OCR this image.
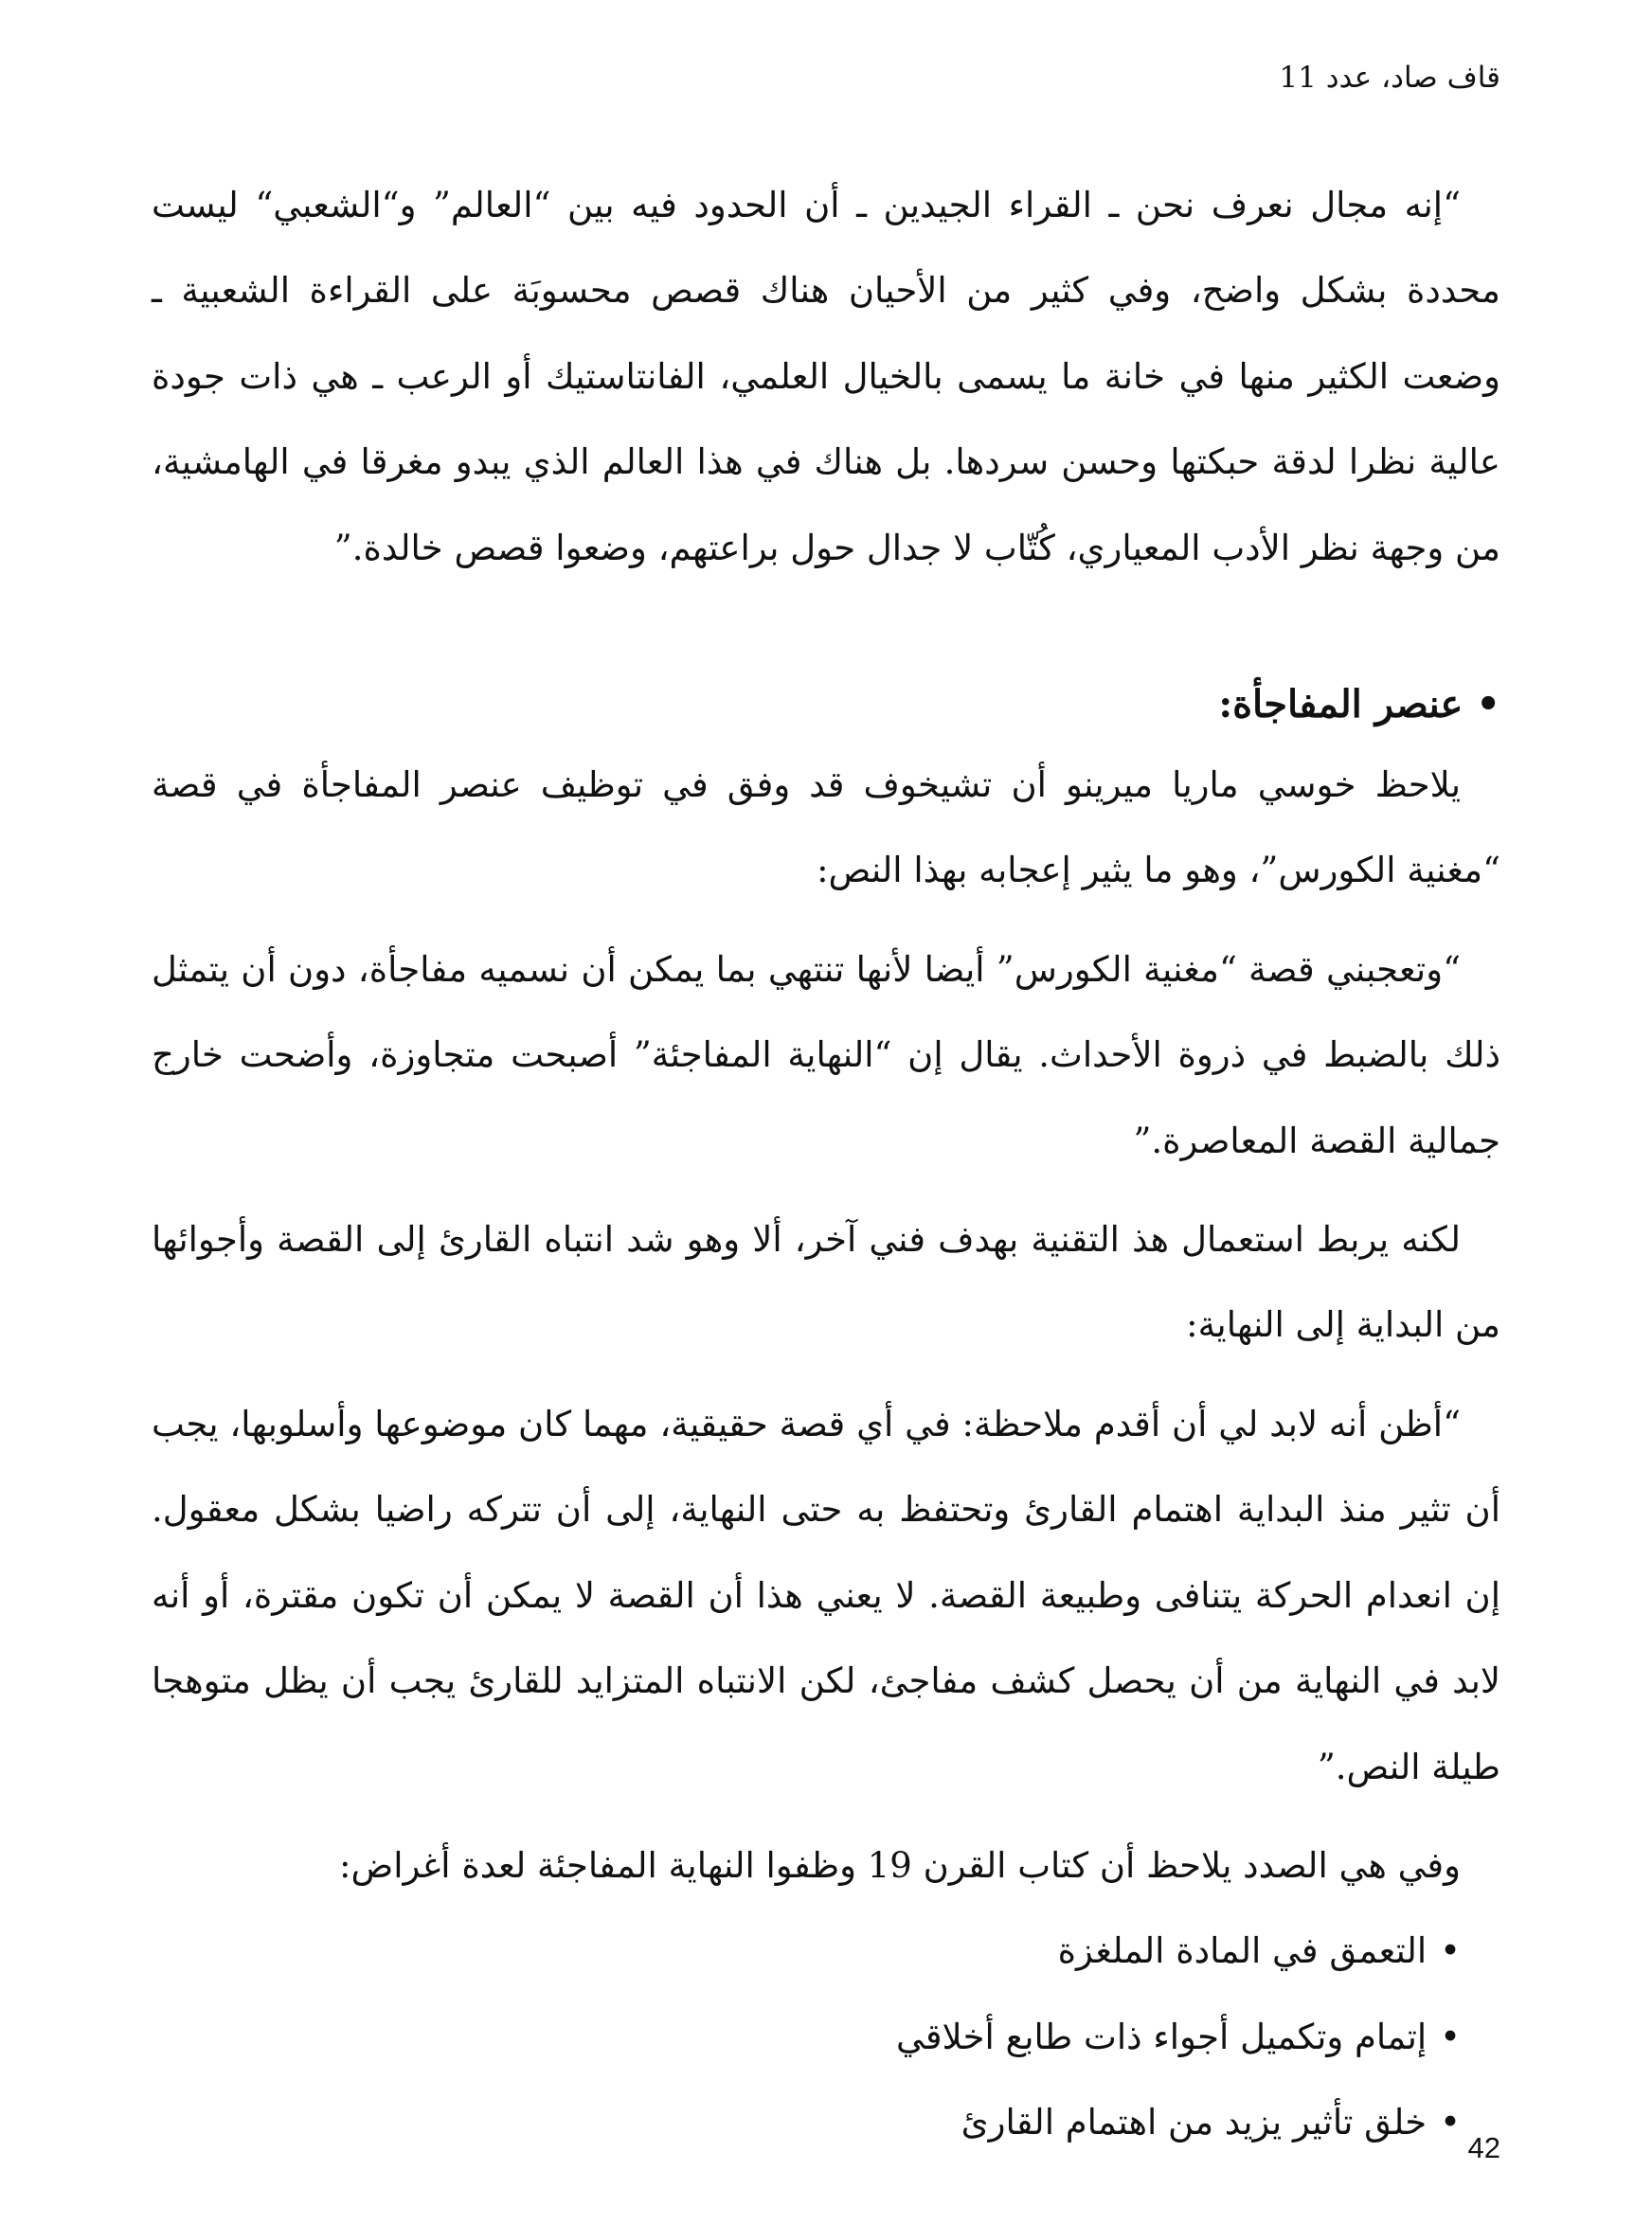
قاف صاد، عدد 11

“إنه مجال نعرف نحن ـ القراء الجيدين ـ أن الحدود فيه بين “العالم” و“الشعبي“ ليست محددة بشكل واضح، وفي كثير من الأحيان هناك قصص محسوبَة على القراءة الشعبية ـ وضعت الكثير منها في خانة ما يسمى بالخيال العلمي، الفانتاستيك أو الرعب ـ هي ذات جودة عالية نظرا لدقة حبكتها وحسن سردها. بل هناك في هذا العالم الذي يبدو مغرقا في الهامشية، من وجهة نظر الأدب المعياري، كُتّاب لا جدال حول براعتهم، وضعوا قصص خالدة.”

•عنصر المفاجأة:

يلاحظ خوسي ماريا ميرينو أن تشيخوف قد وفق في توظيف عنصر المفاجأة في قصة “مغنية الكورس”، وهو ما يثير إعجابه بهذا النص:

“وتعجبني قصة “مغنية الكورس” أيضا لأنها تنتهي بما يمكن أن نسميه مفاجأة، دون أن يتمثل ذلك بالضبط في ذروة الأحداث. يقال إن “النهاية المفاجئة” أصبحت متجاوزة، وأضحت خارج جمالية القصة المعاصرة.”

لكنه يربط استعمال هذ التقنية بهدف فني آخر، ألا وهو شد انتباه القارئ إلى القصة وأجوائها من البداية إلى النهاية:

“أظن أنه لابد لي أن أقدم ملاحظة: في أي قصة حقيقية، مهما كان موضوعها وأسلوبها، يجب أن تثير منذ البداية اهتمام القارئ وتحتفظ به حتى النهاية، إلى أن تتركه راضيا بشكل معقول. إن انعدام الحركة يتنافى وطبيعة القصة. لا يعني هذا أن القصة لا يمكن أن تكون مقترة، أو أنه لابد في النهاية من أن يحصل كشف مفاجئ، لكن الانتباه المتزايد للقارئ يجب أن يظل متوهجا طيلة النص.”

وفي هي الصدد يلاحظ أن كتاب القرن 19 وظفوا النهاية المفاجئة لعدة أغراض:

•التعمق في المادة الملغزة

•إتمام وتكميل أجواء ذات طابع أخلاقي

•خلق تأثير يزيد من اهتمام القارئ

42
